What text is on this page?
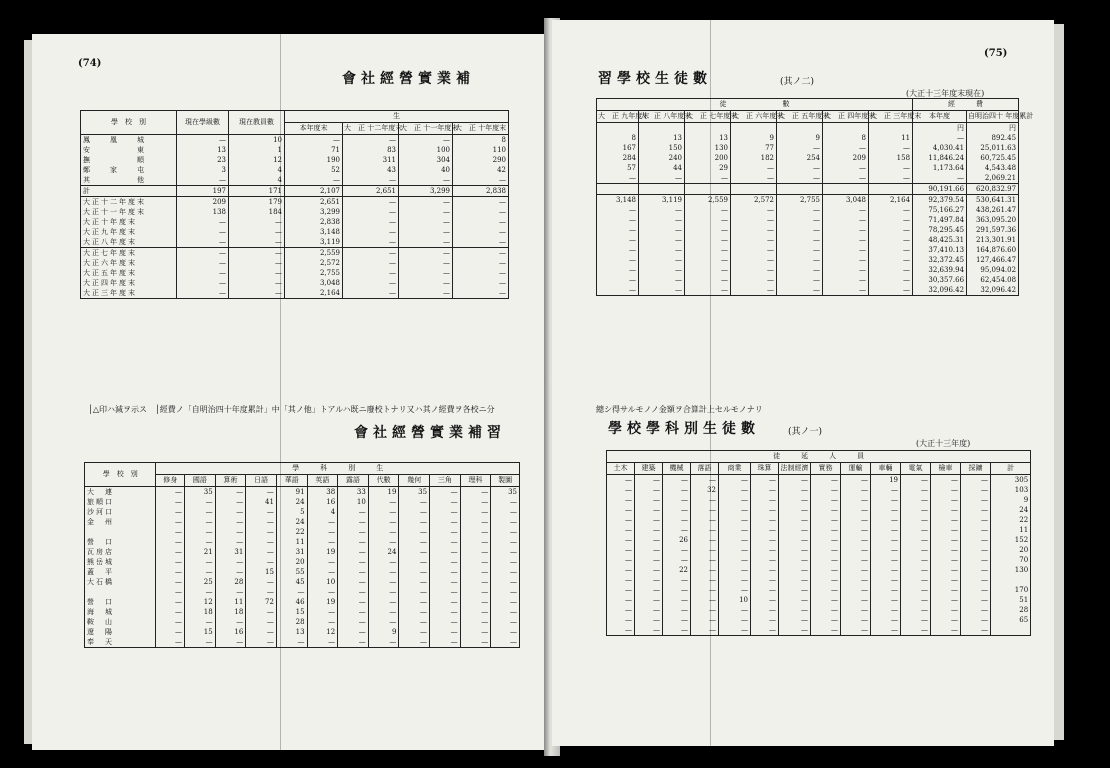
(74)
會社經營實業補
學　校　別	現在學級數	現在教員數	生			
			本年度末	大　正 十二年度末	大　正 十一年度末	大　正 十年度末
鳳　　凰　　城	—	10	—	—	—	8
安　　　　　東	13	1	71	83	100	110
撫　　　　　順	23	12	190	311	304	290
鄭　　家　　屯	3	4	52	43	40	42
其　　　　　他	—	4	—	—	—	—
計	197	171	2,107	2,651	3,299	2,838
大正十二年度末	209	179	2,651	—	—	—
大正十一年度末	138	184	3,299	—	—	—
大正十年度末	—	—	2,838	—	—	—
大正九年度末	—	—	3,148	—	—	—
大正八年度末	—	—	3,119	—	—	—
大正七年度末	—	—	2,559	—	—	—
大正六年度末	—	—	2,572	—	—	—
大正五年度末	—	—	2,755	—	—	—
大正四年度末	—	—	3,048	—	—	—
大正三年度末	—	—	2,164	—	—	—
│△印ハ減ヲ示ス　│經費ノ「自明治四十年度累計」中「其ノ他」トアルハ既ニ廢校トナリ又ハ其ノ經費ヲ各校ニ分
會社經營實業補習
學　校　別	學　　　科　　　別　　　生											
	修身	國語	算術	日語	華語	英語	露語	代數	幾何	三角	理科	製圖
大　連	—	35	—	—	91	38	33	19	35	—	—	35
旅順口	—	—	—	41	24	16	10	—	—	—	—	—
沙河口	—	—	—	—	5	4	—	—	—	—	—	—
金　州	—	—	—	—	24	—	—	—	—	—	—	—
	—	—	—	—	22	—	—	—	—	—	—	—
營　口	—	—	—	—	11	—	—	—	—	—	—	—
瓦房店	—	21	31	—	31	19	—	24	—	—	—	—
熊岳城	—	—	—	—	20	—	—	—	—	—	—	—
蓋　平	—	—	—	15	55	—	—	—	—	—	—	—
大石橋	—	25	28	—	45	10	—	—	—	—	—	—
	—	—	—	—	—	—	—	—	—	—	—	—
營　口	—	12	11	72	46	19	—	—	—	—	—	—
海　城	—	18	18	—	15	—	—	—	—	—	—	—
鞍　山	—	—	—	—	28	—	—	—	—	—	—	—
遼　陽	—	15	16	—	13	12	—	9	—	—	—	—
奉　天	—	—	—	—	—	—	—	—	—	—	—	—
(75)
習學校生徒數	(其ノ二)
(大正十三年度末現在)
徒　　　　　　　　數							經　　　費	
大　正 九年度末	大　正 八年度末	大　正 七年度末	大　正 六年度末	大　正 五年度末	大　正 四年度末	大　正 三年度末	本年度	自明治四十 年度累計
							円	円
8	13	13	9	9	8	11	—	892.45
167	150	130	77	—	—	—	4,030.41	25,011.63
284	240	200	182	254	209	158	11,846.24	60,725.45
57	44	29	—	—	—	—	1,173.64	4,543.48
—	—	—	—	—	—	—	—	2,069.21
							90,191.66	620,832.97
3,148	3,119	2,559	2,572	2,755	3,048	2,164	92,379.54	530,641.31
—	—	—	—	—	—	—	75,166.27	438,261.47
—	—	—	—	—	—	—	71,497.84	363,095.20
—	—	—	—	—	—	—	78,295.45	291,597.36
—	—	—	—	—	—	—	48,425.31	213,301.91
—	—	—	—	—	—	—	37,410.13	164,876.60
—	—	—	—	—	—	—	32,372.45	127,466.47
—	—	—	—	—	—	—	32,639.94	95,094.02
—	—	—	—	—	—	—	30,357.66	62,454.08
—	—	—	—	—	—	—	32,096.42	32,096.42
總シ得サルモノノ金額ヲ合算計上セルモノナリ
學校學科別生徒數	(其ノ一)
(大正十三年度)
徒　　　延　　　人　　　員													
土木	建築	機械	落語	商業	珠算	法制經濟	實務	運輸	車輛	電氣	檢車	採鑛	計
—	—	—	—	—	—	—	—	—	19	—	—	—	305
—	—	—	32	—	—	—	—	—	—	—	—	—	103
—	—	—	—	—	—	—	—	—	—	—	—	—	9
—	—	—	—	—	—	—	—	—	—	—	—	—	24
—	—	—	—	—	—	—	—	—	—	—	—	—	22
—	—	—	—	—	—	—	—	—	—	—	—	—	11
—	—	26	—	—	—	—	—	—	—	—	—	—	152
—	—	—	—	—	—	—	—	—	—	—	—	—	20
—	—	—	—	—	—	—	—	—	—	—	—	—	70
—	—	22	—	—	—	—	—	—	—	—	—	—	130
—	—	—	—	—	—	—	—	—	—	—	—	—	
—	—	—	—	—	—	—	—	—	—	—	—	—	170
—	—	—	—	10	—	—	—	—	—	—	—	—	51
—	—	—	—	—	—	—	—	—	—	—	—	—	28
—	—	—	—	—	—	—	—	—	—	—	—	—	65
—	—	—	—	—	—	—	—	—	—	—	—	—	
